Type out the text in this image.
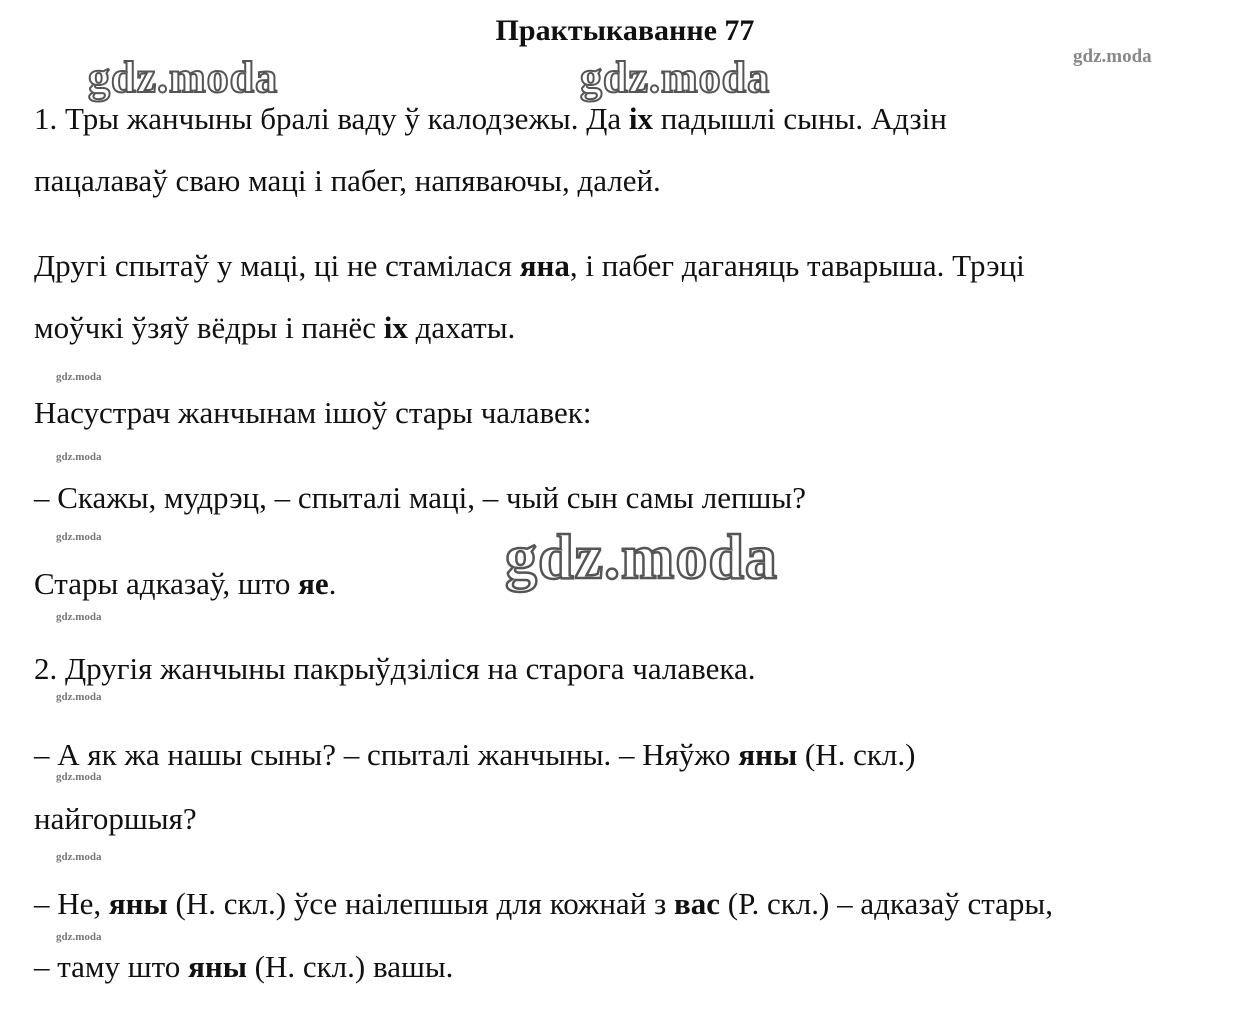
Практыкаванне 77
gdz.moda	gdz.moda	gdz.moda
gdz.moda
gdz.moda
gdz.moda
gdz.moda
gdz.moda
gdz.moda
gdz.moda
gdz.moda
gdz.moda
1. Тры жанчыны бралі ваду ў калодзежы. Да іх падышлі сыны. Адзін
пацалаваў сваю маці і пабег, напяваючы, далей.
Другі спытаў у маці, ці не стамілася яна, і пабег даганяць таварыша. Трэці
моўчкі ўзяў вёдры і панёс іх дахаты.
Насустрач жанчынам ішоў стары чалавек:
– Скажы, мудрэц, – спыталі маці, – чый сын самы лепшы?
Стары адказаў, што яе.
2. Другія жанчыны пакрыўдзіліся на старога чалавека.
– А як жа нашы сыны? – спыталі жанчыны. – Няўжо яны (Н. скл.)
найгоршыя?
– Не, яны (Н. скл.) ўсе наілепшыя для кожнай з вас (Р. скл.) – адказаў стары,
– таму што яны (Н. скл.) вашы.
